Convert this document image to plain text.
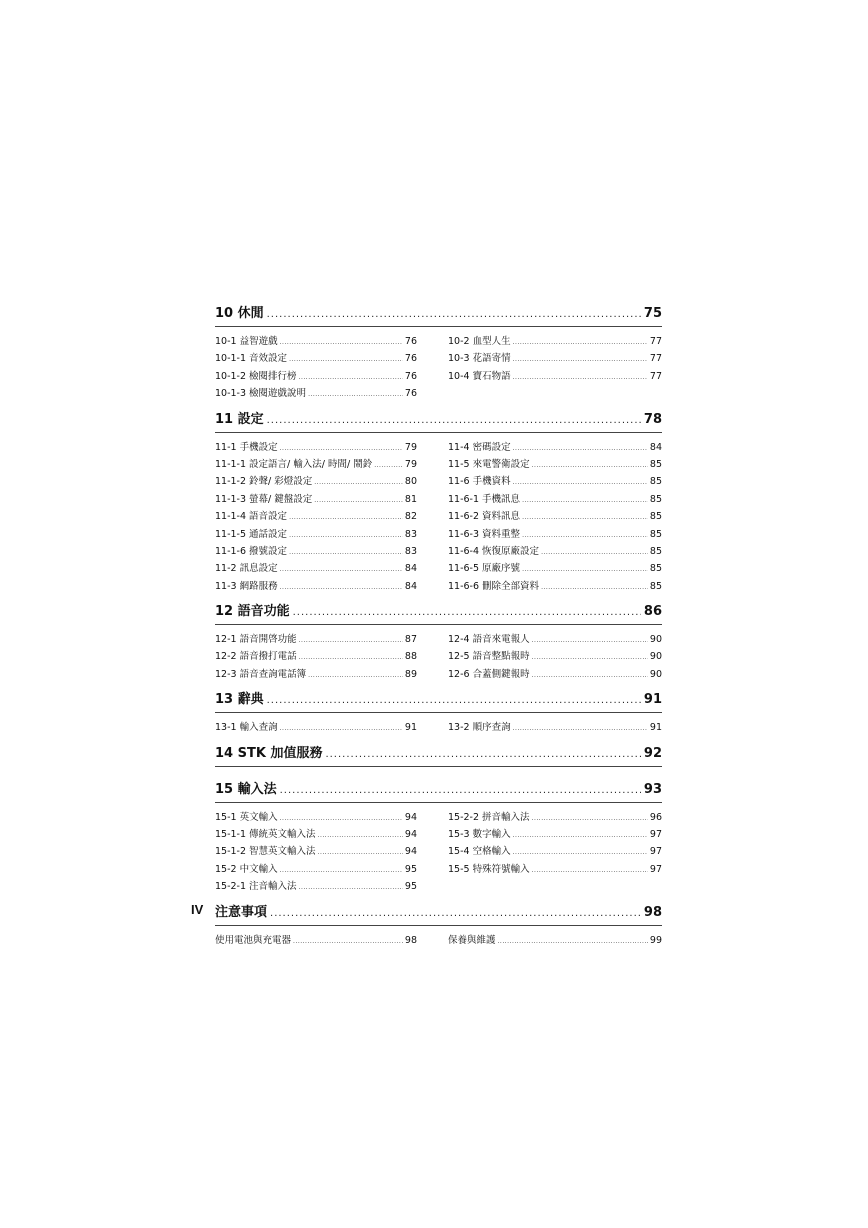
10 休閒 .....	75
10-1 益智遊戲 .....	76	10-2 血型人生 .....	77
10-1-1 音效設定 .....	76	10-3 花語寄情 .....	77
10-1-2 檢閱排行榜 .....	76	10-4 寶石物語 .....	77
10-1-3 檢閱遊戲說明 .....	76
11 設定 .....	78
11-1 手機設定 .....	79	11-4 密碼設定 .....	84
11-1-1 設定語言/ 輸入法/ 時間/ 鬧鈴 .....	79	11-5 來電警衛設定 .....	85
11-1-2 鈴聲/ 彩燈設定 .....	80	11-6 手機資料 .....	85
11-1-3 螢幕/ 鍵盤設定 .....	81	11-6-1 手機訊息 .....	85
11-1-4 語音設定 .....	82	11-6-2 資料訊息 .....	85
11-1-5 通話設定 .....	83	11-6-3 資料重整 .....	85
11-1-6 撥號設定 .....	83	11-6-4 恢復原廠設定 .....	85
11-2 訊息設定 .....	84	11-6-5 原廠序號 .....	85
11-3 網路服務 .....	84	11-6-6 刪除全部資料 .....	85
12 語音功能 .....	86
12-1 語音開啓功能 .....	87	12-4 語音來電報人 .....	90
12-2 語音撥打電話 .....	88	12-5 語音整點報時 .....	90
12-3 語音查詢電話簿 .....	89	12-6 合蓋側鍵報時 .....	90
13 辭典 .....	91
13-1 輸入查詢 .....	91	13-2 順序查詢 .....	91
14 STK 加值服務 .....	92
15 輸入法 .....	93
15-1 英文輸入 .....	94	15-2-2 拼音輸入法 .....	96
15-1-1 傳統英文輸入法 .....	94	15-3 數字輸入 .....	97
15-1-2 智慧英文輸入法 .....	94	15-4 空格輸入 .....	97
15-2 中文輸入 .....	95	15-5 特殊符號輸入 .....	97
15-2-1 注音輸入法 .....	95
注意事項 .....	98
使用電池與充電器 .....	98	保養與維護 .....	99
IV
